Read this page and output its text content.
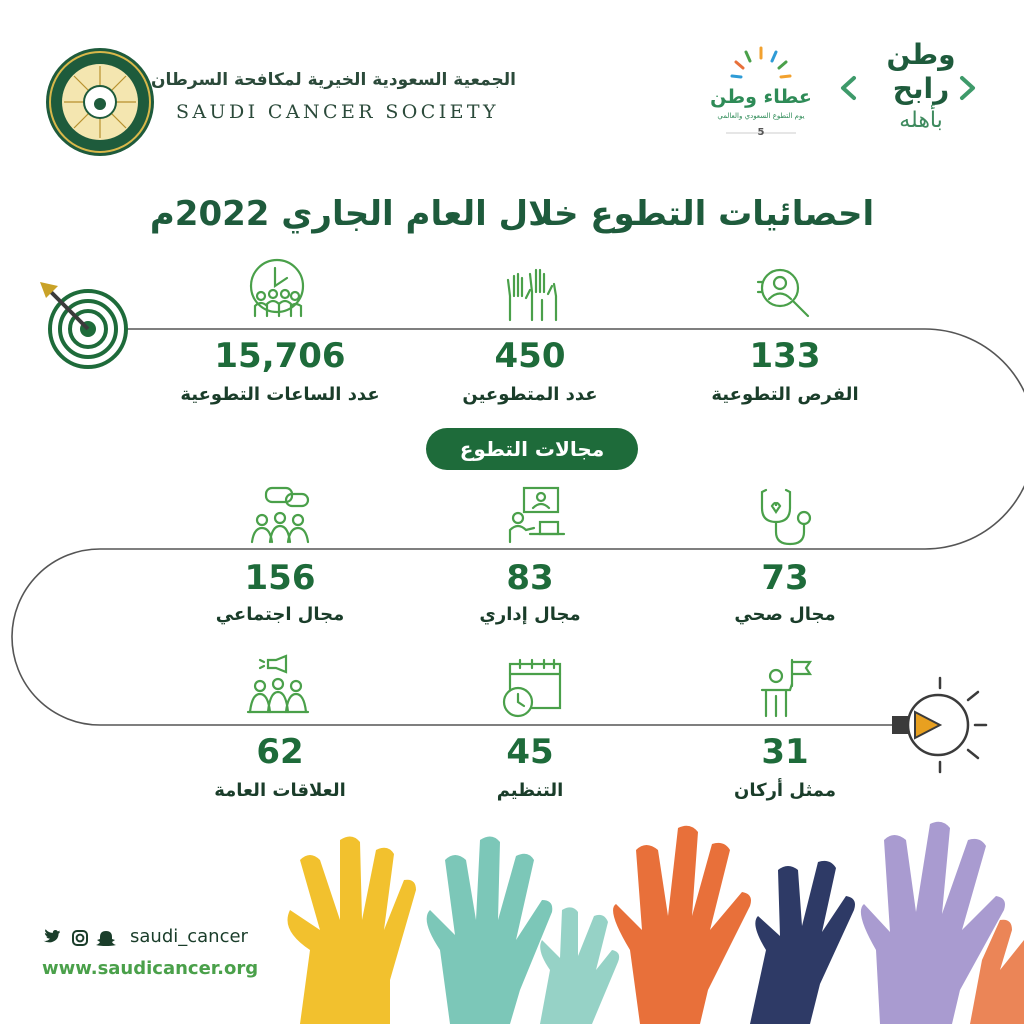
الجمعية السعودية الخيرية لمكافحة السرطان
SAUDI CANCER SOCIETY
عطاء وطن
يوم التطوع السعودي والعالمي
5
وطن
رابح
بأهله
احصائيات التطوع خلال العام الجاري 2022م
133
الفرص التطوعية
450
عدد المتطوعين
15,706
عدد الساعات التطوعية
مجالات التطوع
73
مجال صحي
83
مجال إداري
156
مجال اجتماعي
31
ممثل أركان
45
التنظيم
62
العلاقات العامة
saudi_cancer
www.saudicancer.org
